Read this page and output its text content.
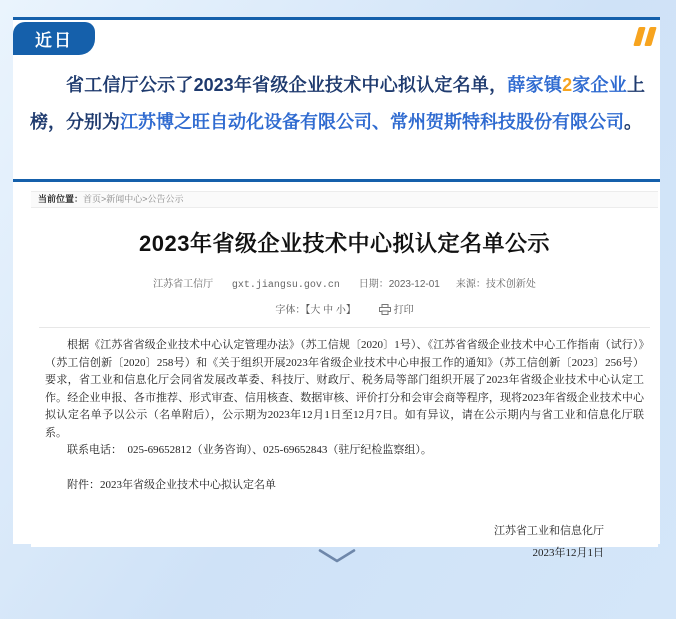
近日

省工信厅公示了2023年省级企业技术中心拟认定名单，薛家镇2家企业上榜，分别为江苏博之旺自动化设备有限公司、常州贺斯特科技股份有限公司。

当前位置：首页>新闻中心>公告公示
2023年省级企业技术中心拟认定名单公示
江苏省工信厅 gxt.jiangsu.gov.cn 日期：2023-12-01 来源：技术创新处
字体：【大 中 小】	打印

根据《江苏省省级企业技术中心认定管理办法》（苏工信规〔2020〕1号）、《江苏省省级企业技术中心工作指南（试行）》（苏工信创新〔2020〕258号）和《关于组织开展2023年省级企业技术中心申报工作的通知》（苏工信创新〔2023〕256号）要求，省工业和信息化厅会同省发展改革委、科技厅、财政厅、税务局等部门组织开展了2023年省级企业技术中心认定工作。经企业申报、各市推荐、形式审查、信用核查、数据审核、评价打分和会审会商等程序，现将2023年省级企业技术中心拟认定名单予以公示（名单附后），公示期为2023年12月1日至12月7日。如有异议，请在公示期内与省工业和信息化厅联系。

联系电话：　025-69652812（业务咨询）、025-69652843（驻厅纪检监察组）。

附件：2023年省级企业技术中心拟认定名单

江苏省工业和信息化厅
2023年12月1日
